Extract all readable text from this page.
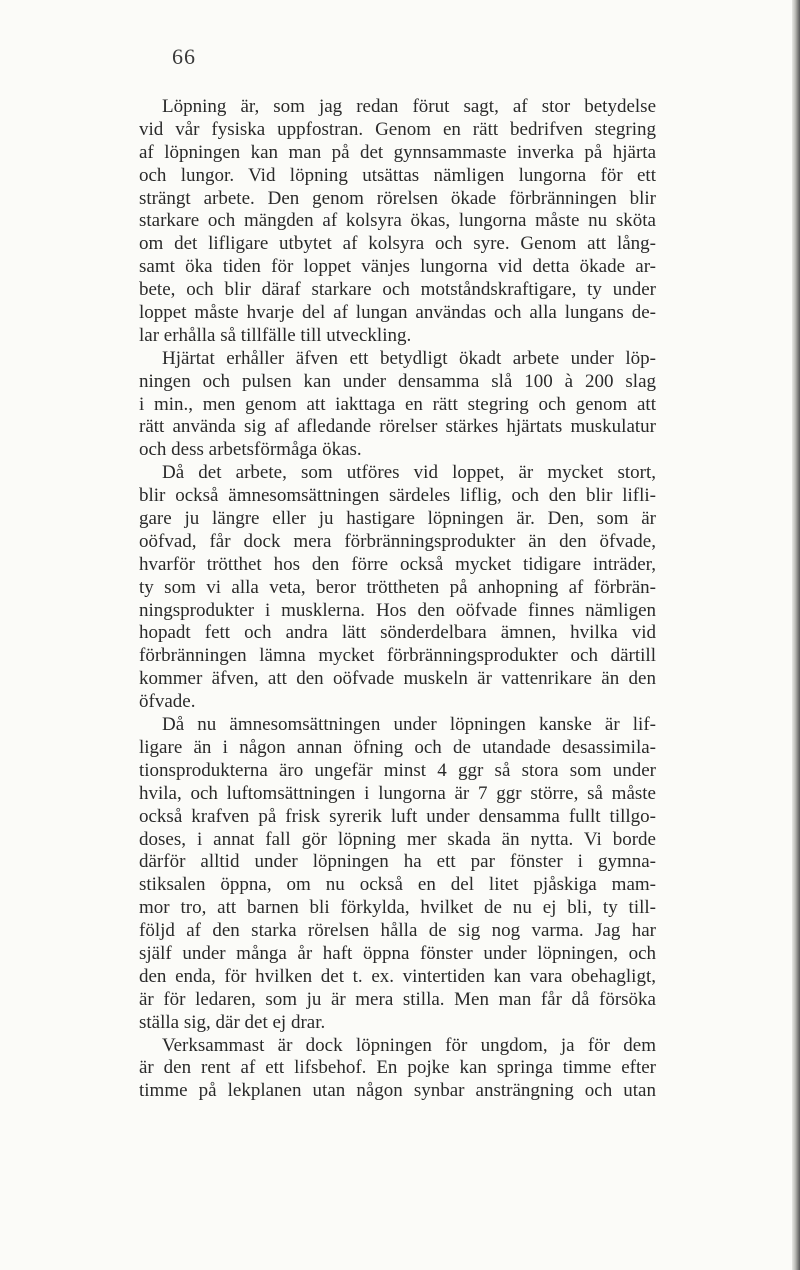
66
Löpning är, som jag redan förut sagt, af stor betydelse
vid vår fysiska uppfostran. Genom en rätt bedrifven stegring
af löpningen kan man på det gynnsammaste inverka på hjärta
och lungor. Vid löpning utsättas nämligen lungorna för ett
strängt arbete. Den genom rörelsen ökade förbränningen blir
starkare och mängden af kolsyra ökas, lungorna måste nu sköta
om det lifligare utbytet af kolsyra och syre. Genom att lång-
samt öka tiden för loppet vänjes lungorna vid detta ökade ar-
bete, och blir däraf starkare och motståndskraftigare, ty under
loppet måste hvarje del af lungan användas och alla lungans de-
lar erhålla så tillfälle till utveckling.
Hjärtat erhåller äfven ett betydligt ökadt arbete under löp-
ningen och pulsen kan under densamma slå 100 à 200 slag
i min., men genom att iakttaga en rätt stegring och genom att
rätt använda sig af afledande rörelser stärkes hjärtats muskulatur
och dess arbetsförmåga ökas.
Då det arbete, som utföres vid loppet, är mycket stort,
blir också ämnesomsättningen särdeles liflig, och den blir lifli-
gare ju längre eller ju hastigare löpningen är. Den, som är
oöfvad, får dock mera förbränningsprodukter än den öfvade,
hvarför trötthet hos den förre också mycket tidigare inträder,
ty som vi alla veta, beror tröttheten på anhopning af förbrän-
ningsprodukter i musklerna. Hos den oöfvade finnes nämligen
hopadt fett och andra lätt sönderdelbara ämnen, hvilka vid
förbränningen lämna mycket förbränningsprodukter och därtill
kommer äfven, att den oöfvade muskeln är vattenrikare än den
öfvade.
Då nu ämnesomsättningen under löpningen kanske är lif-
ligare än i någon annan öfning och de utandade desassimila-
tionsprodukterna äro ungefär minst 4 ggr så stora som under
hvila, och luftomsättningen i lungorna är 7 ggr större, så måste
också krafven på frisk syrerik luft under densamma fullt tillgo-
doses, i annat fall gör löpning mer skada än nytta. Vi borde
därför alltid under löpningen ha ett par fönster i gymna-
stiksalen öppna, om nu också en del litet pjåskiga mam-
mor tro, att barnen bli förkylda, hvilket de nu ej bli, ty till-
följd af den starka rörelsen hålla de sig nog varma. Jag har
själf under många år haft öppna fönster under löpningen, och
den enda, för hvilken det t. ex. vintertiden kan vara obehagligt,
är för ledaren, som ju är mera stilla. Men man får då försöka
ställa sig, där det ej drar.
Verksammast är dock löpningen för ungdom, ja för dem
är den rent af ett lifsbehof. En pojke kan springa timme efter
timme på lekplanen utan någon synbar ansträngning och utan
